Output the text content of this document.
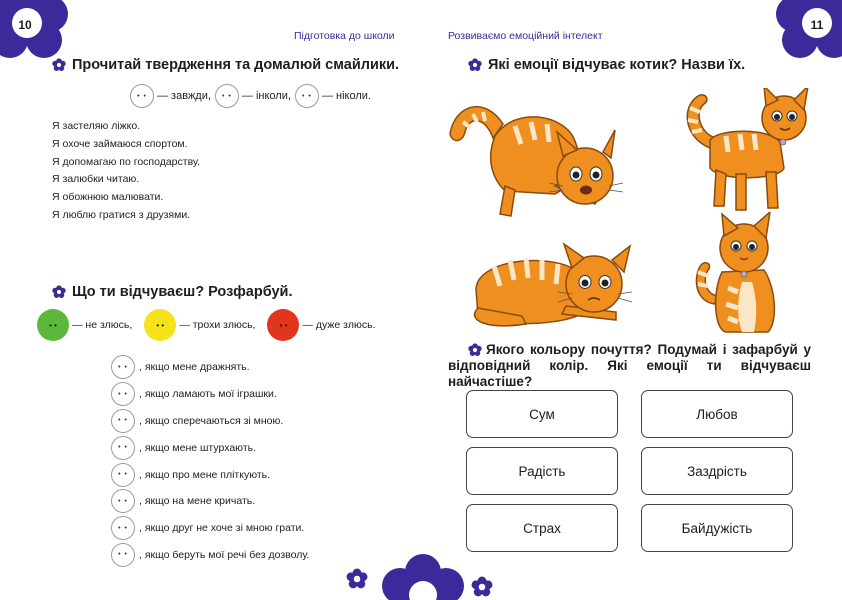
10	11
Підготовка до школи	Розвиваємо емоційний інтелект
Прочитай твердження та домалюй смайлики.
• • — завжди,	• • — інколи,	• • — ніколи.
Я застеляю ліжко.
Я охоче займаюся спортом.
Я допомагаю по господарству.
Я залюбки читаю.
Я обожнюю малювати.
Я люблю гратися з друзями.
Що ти відчуваєш? Розфарбуй.
• •	— не злюсь,	• •	— трохи злюсь,	• •	— дуже злюсь.
• •	, якщо мене дражнять.
• •	, якщо ламають мої іграшки.
• •	, якщо сперечаються зі мною.
• •	, якщо мене штурхають.
• •	, якщо про мене пліткують.
• •	, якщо на мене кричать.
• •	, якщо друг не хоче зі мною грати.
• •	, якщо беруть мої речі без дозволу.
Які емоції відчуває котик? Назви їх.
Якого кольору почуття? Подумай і зафарбуй у відповідний колір. Які емоції ти відчуваєш найчастіше?
Сум	Любов
Радість	Заздрість
Страх	Байдужість
